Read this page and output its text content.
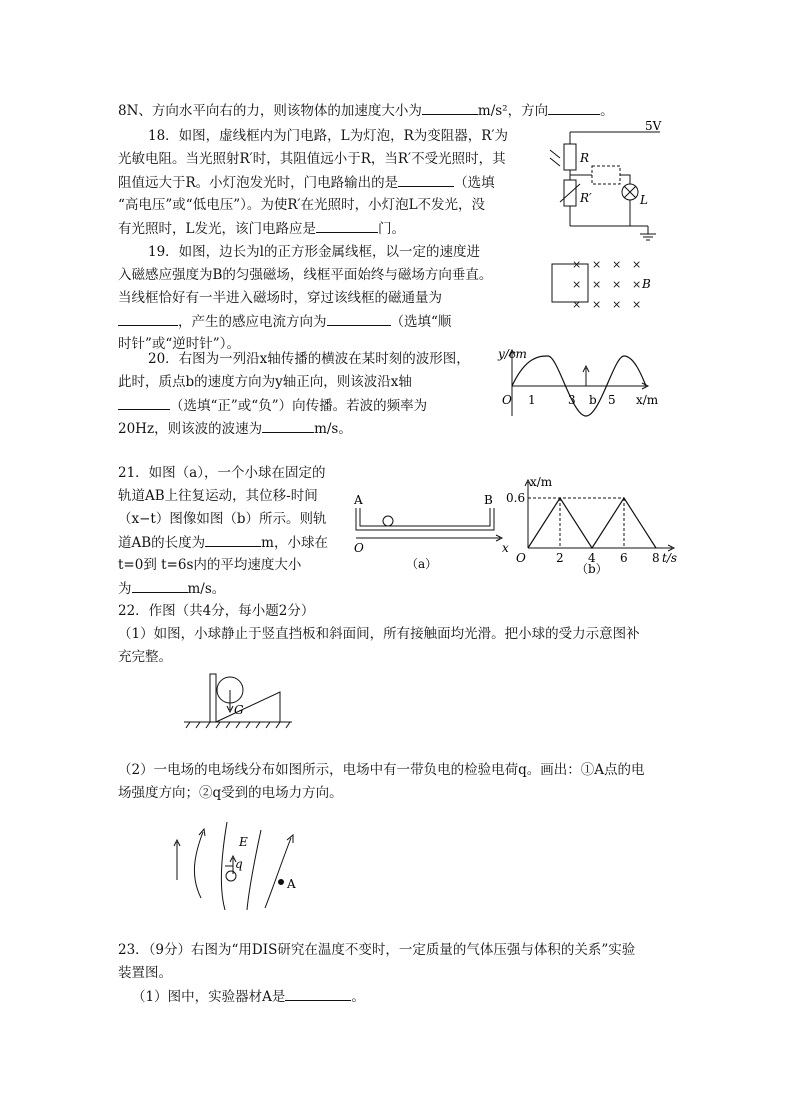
8N、方向水平向右的力，则该物体的加速度大小为	m/s²，方向	。
18．如图，虚线框内为门电路，L为灯泡，R为变阻器，R′为
光敏电阻。当光照射R′时，其阻值远小于R，当R′不受光照时，其
阻值远大于R。小灯泡发光时，门电路输出的是	（选填
“高电压”或“低电压”）。为使R′在光照时，小灯泡L不发光，没
有光照时，L发光，该门电路应是	门。
5V
R
R′	L
19．如图，边长为l的正方形金属线框，以一定的速度进
入磁感应强度为B的匀强磁场，线框平面始终与磁场方向垂直。
当线框恰好有一半进入磁场时，穿过该线框的磁通量为
，产生的感应电流方向为	（选填“顺
时针”或“逆时针”）。
× × × ×
× × × ×
× × × ×
B
20．右图为一列沿x轴传播的横波在某时刻的波形图，
此时，质点b的速度方向为y轴正向，则该波沿x轴
（选填“正”或“负”）向传播。若波的频率为
20Hz，则该波的波速为	m/s。
y/cm
x/m
O 1	3	5
b
21．如图（a），一个小球在固定的
轨道AB上往复运动，其位移-时间
（x−t）图像如图（b）所示。则轨
道AB的长度为	m，小球在
t=0到 t=6s内的平均速度大小
为	m/s。
A	B
O	x
（a）
x/m
0.6
O	2 4 6 8 t/s
（b）
22．作图（共4分，每小题2分）
（1）如图，小球静止于竖直挡板和斜面间，所有接触面均光滑。把小球的受力示意图补
充完整。
G
（2）一电场的电场线分布如图所示，电场中有一带负电的检验电荷q。画出：①A点的电
场强度方向；②q受到的电场力方向。
E
q
A
23．（9分）右图为“用DIS研究在温度不变时，一定质量的气体压强与体积的关系”实验
装置图。
（1）图中，实验器材A是	。
